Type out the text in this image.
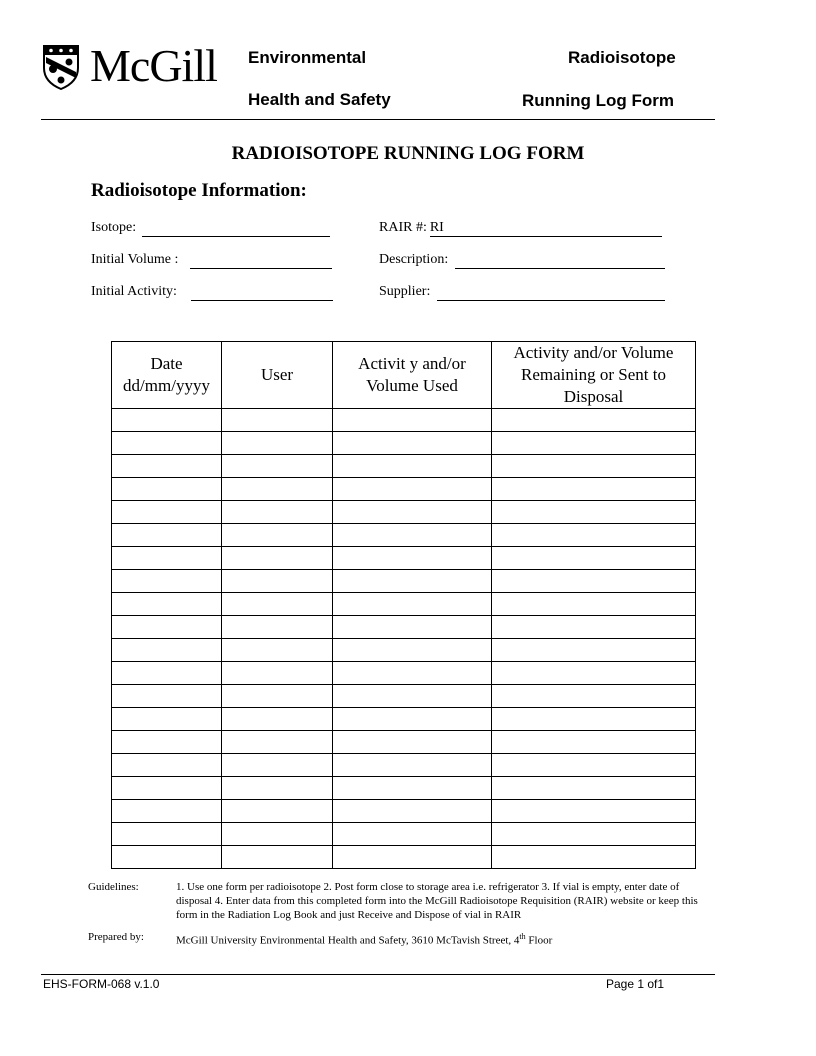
McGill Environmental
Health and Safety
Radioisotope
Running Log Form
RADIOISOTOPE RUNNING LOG FORM
Radioisotope Information:
Isotope:	RAIR #: RI
Initial Volume :	Description:
Initial Activity:	Supplier:
Date dd/mm/yyyy	User	Activit y and/or Volume Used	Activity and/or Volume Remaining or Sent to Disposal

Guidelines:	1. Use one form per radioisotope 2. Post form close to storage area i.e. refrigerator 3. If vial is empty, enter date of disposal 4. Enter data from this completed form into the McGill Radioisotope Requisition (RAIR) website or keep this form in the Radiation Log Book and just Receive and Dispose of vial in RAIR
Prepared by:	McGill University Environmental Health and Safety, 3610 McTavish Street, 4th Floor
EHS-FORM-068 v.1.0	Page 1 of1
